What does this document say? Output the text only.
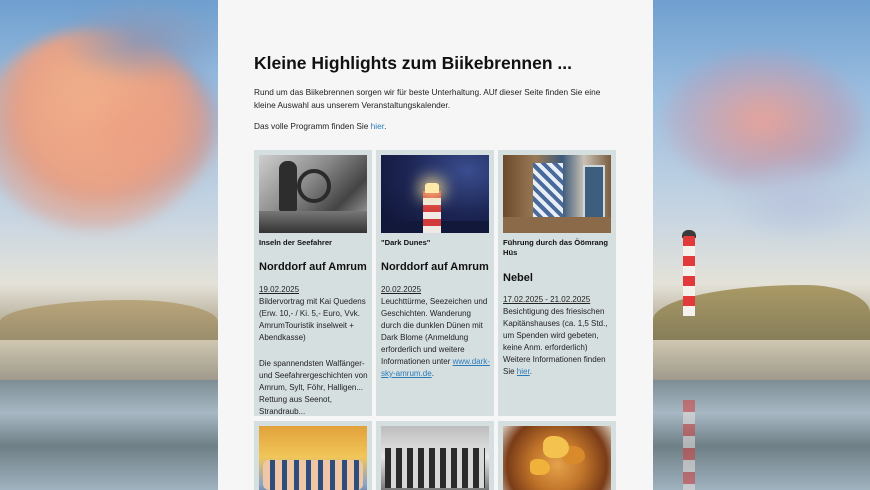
Kleine Highlights zum Biikebrennen ...

Rund um das Biikebrennen sorgen wir für beste Unterhaltung. AUf dieser Seite finden Sie eine kleine Auswahl aus unserem Veranstaltungskalender.

Das volle Programm finden Sie hier.

Inseln der Seefahrer

Norddorf auf Amrum

19.02.2025

Bildervortrag mit Kai Quedens (Erw. 10,- / Ki. 5,- Euro, Vvk. AmrumTouristik inselweit + Abendkasse)

Die spannendsten Walfänger- und Seefahrergeschichten von Amrum, Sylt, Föhr, Halligen... Rettung aus Seenot, Strandraub...

"Dark Dunes"

Norddorf auf Amrum

20.02.2025

Leuchttürme, Seezeichen und Geschichten. Wanderung durch die dunklen Dünen mit Dark Blome (Anmeldung erforderlich und weitere Informationen unter www.dark-sky-amrum.de.

Führung durch das Öömrang Hüs

Nebel

17.02.2025 - 21.02.2025

Besichtigung des friesischen Kapitänshauses (ca. 1,5 Std., um Spenden wird gebeten, keine Anm. erforderlich) Weitere Informationen finden Sie hier.
